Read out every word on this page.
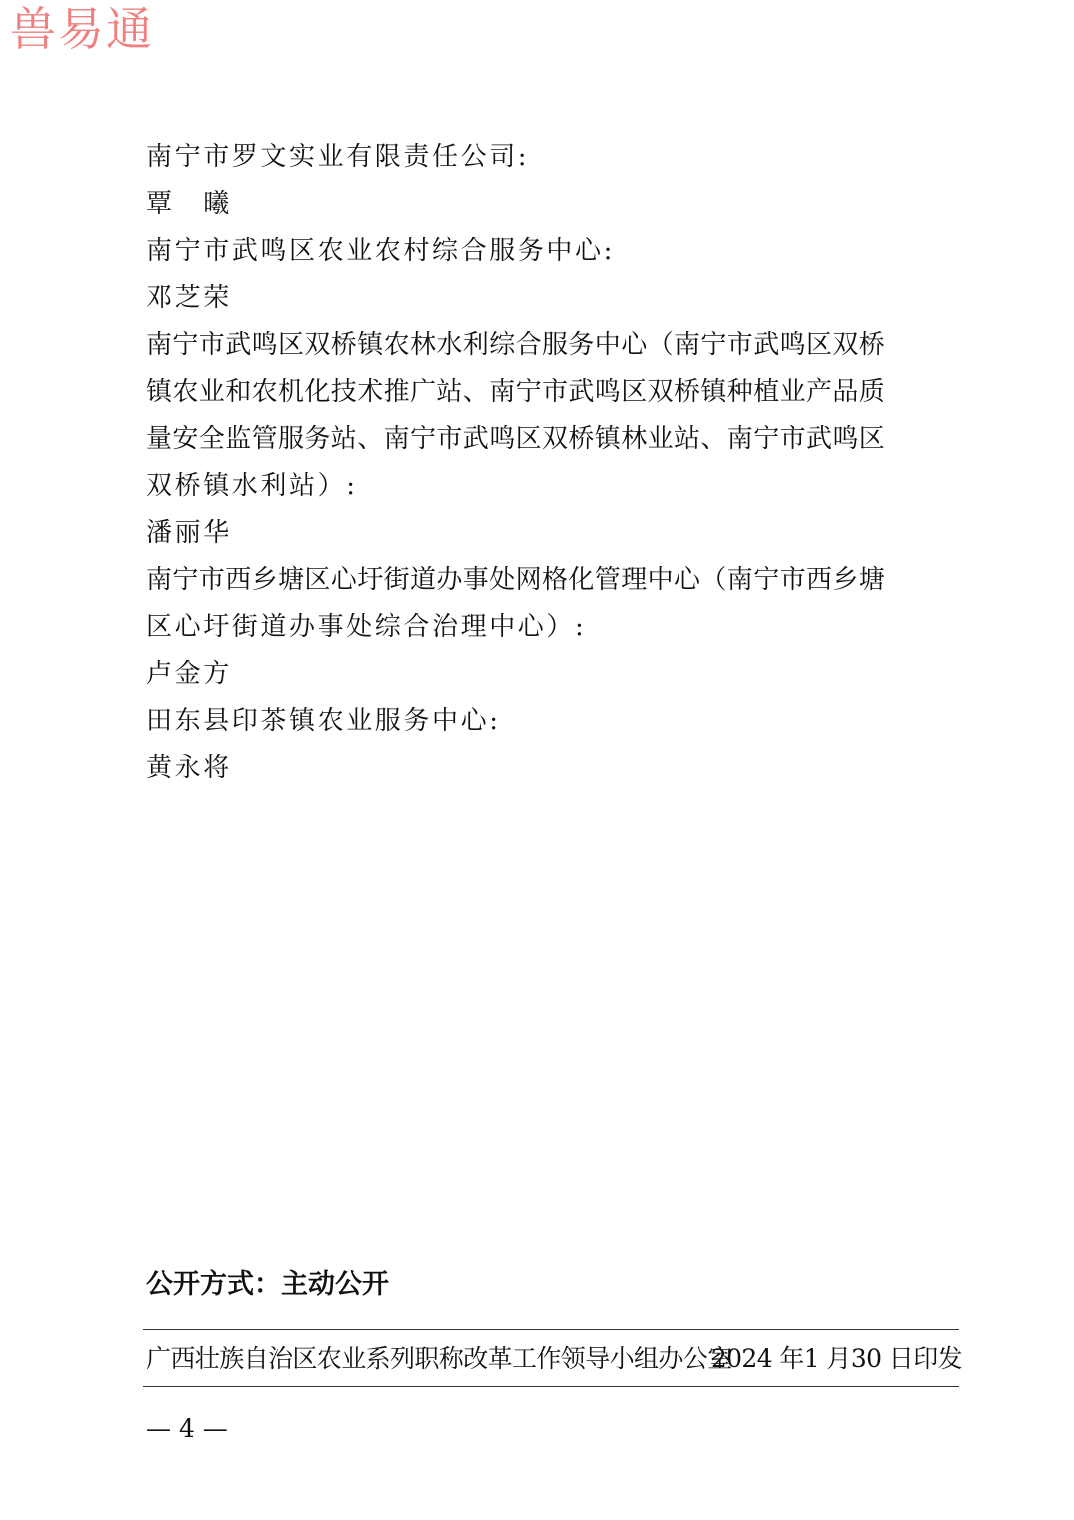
兽易通
南宁市罗文实业有限责任公司:
覃　曦
南宁市武鸣区农业农村综合服务中心:
邓芝荣
南宁市武鸣区双桥镇农林水利综合服务中心（南宁市武鸣区双桥
镇农业和农机化技术推广站、南宁市武鸣区双桥镇种植业产品质
量安全监管服务站、南宁市武鸣区双桥镇林业站、南宁市武鸣区
双桥镇水利站）:
潘丽华
南宁市西乡塘区心圩街道办事处网格化管理中心（南宁市西乡塘
区心圩街道办事处综合治理中心）:
卢金方
田东县印茶镇农业服务中心:
黄永将
公开方式：主动公开
广西壮族自治区农业系列职称改革工作领导小组办公室
2024 年1 月30 日印发
— 4 —
